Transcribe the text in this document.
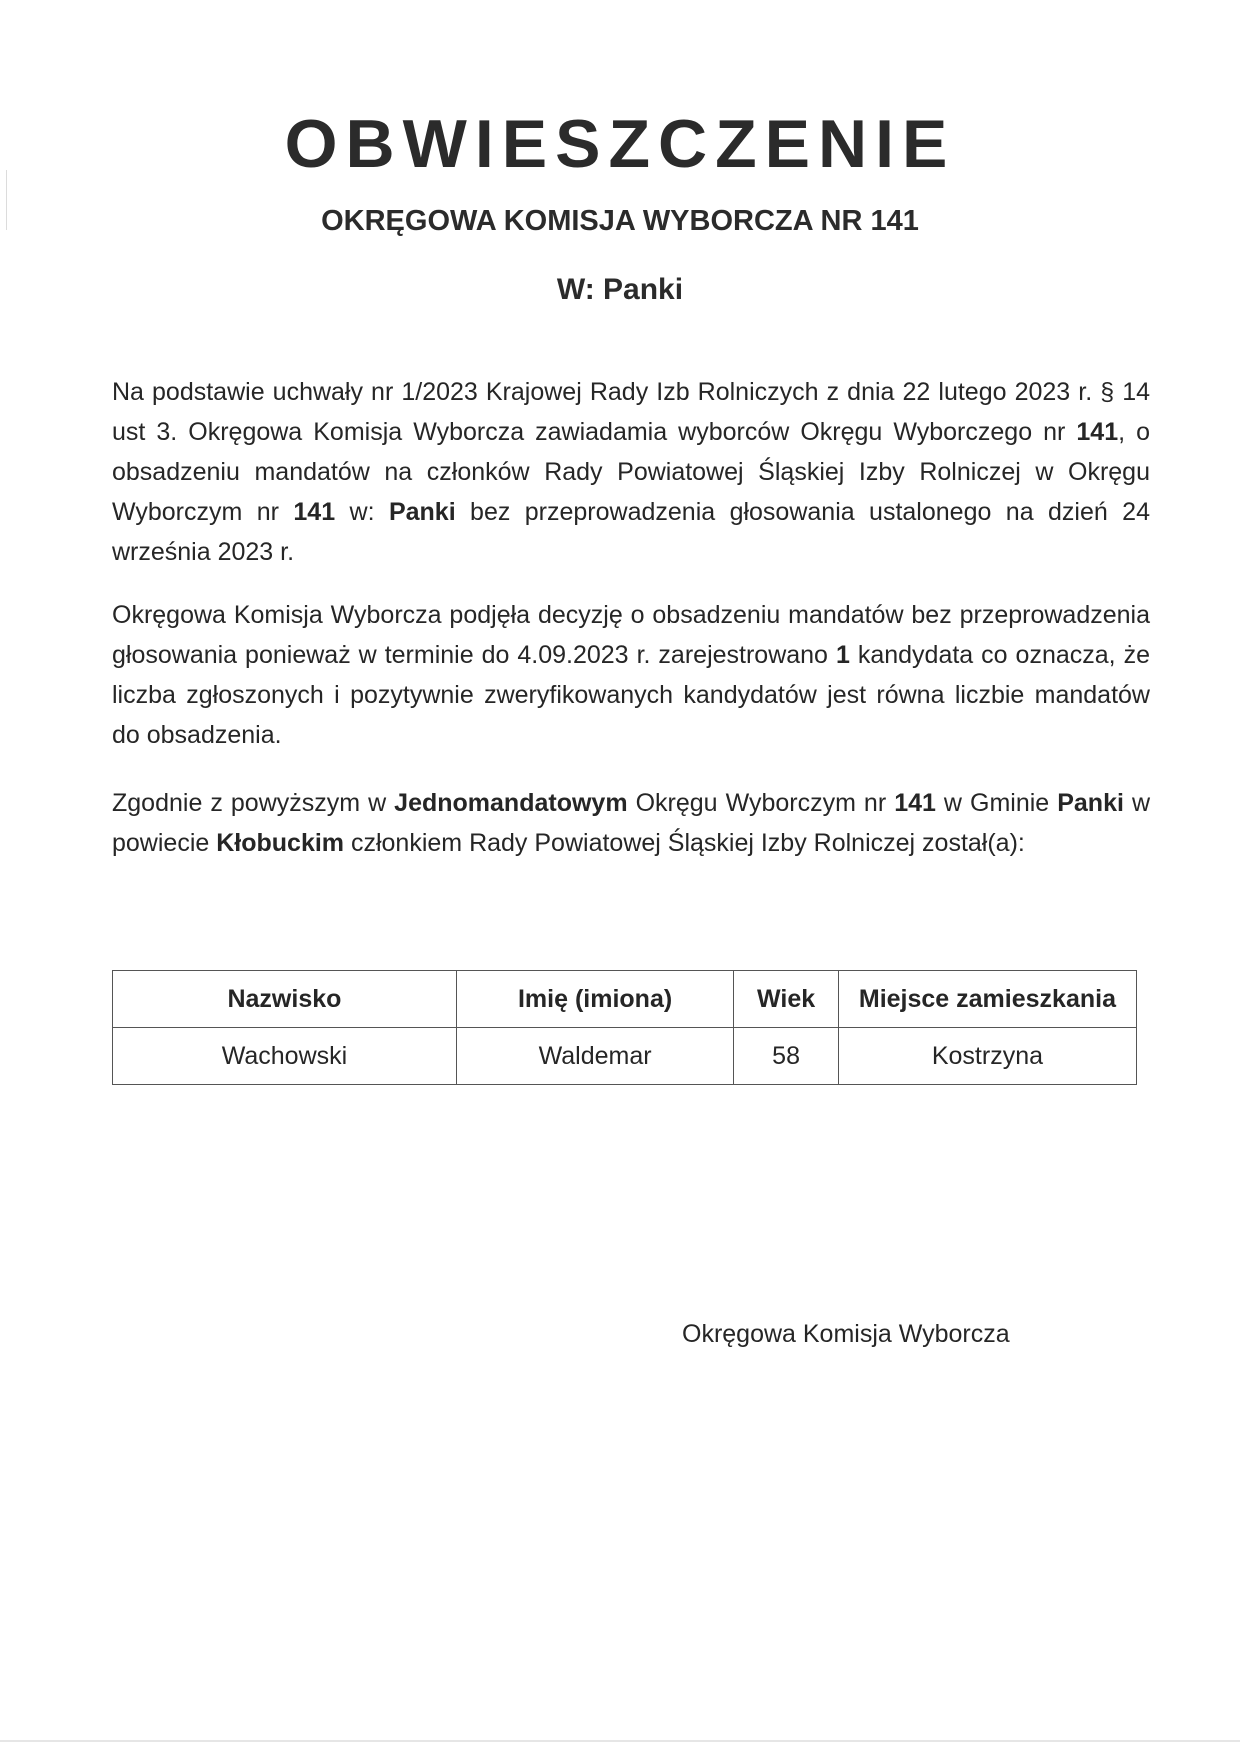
OBWIESZCZENIE
OKRĘGOWA KOMISJA WYBORCZA NR 141
W: Panki
Na podstawie uchwały nr 1/2023 Krajowej Rady Izb Rolniczych z dnia 22 lutego 2023 r. § 14 ust 3. Okręgowa Komisja Wyborcza zawiadamia wyborców Okręgu Wyborczego nr 141, o obsadzeniu mandatów na członków Rady Powiatowej Śląskiej Izby Rolniczej w Okręgu Wyborczym nr 141 w: Panki bez przeprowadzenia głosowania ustalonego na dzień 24 września 2023 r.
Okręgowa Komisja Wyborcza podjęła decyzję o obsadzeniu mandatów bez przeprowadzenia głosowania ponieważ w terminie do 4.09.2023 r. zarejestrowano 1 kandydata co oznacza, że liczba zgłoszonych i pozytywnie zweryfikowanych kandydatów jest równa liczbie mandatów do obsadzenia.
Zgodnie z powyższym w Jednomandatowym Okręgu Wyborczym nr 141 w Gminie Panki w powiecie Kłobuckim członkiem Rady Powiatowej Śląskiej Izby Rolniczej został(a):
Nazwisko	Imię (imiona)	Wiek	Miejsce zamieszkania
Wachowski	Waldemar	58	Kostrzyna
Okręgowa Komisja Wyborcza
